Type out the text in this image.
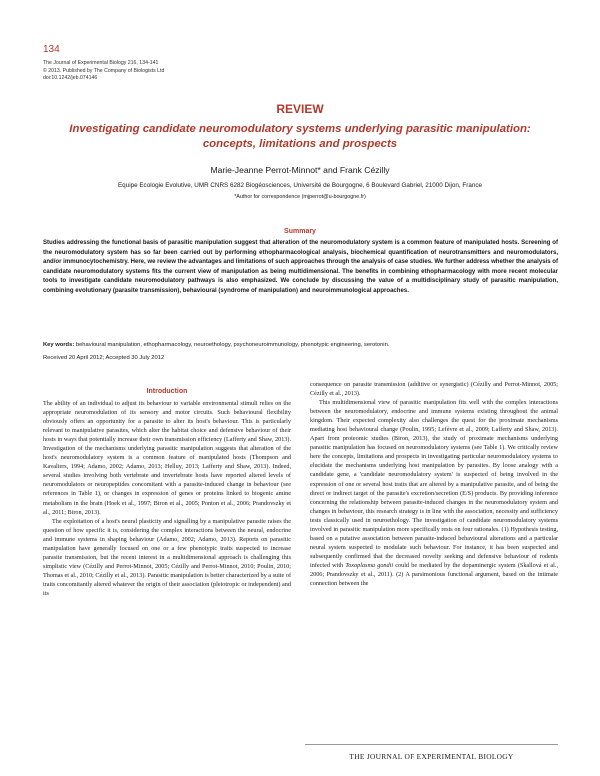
134
The Journal of Experimental Biology 216, 134-141
© 2013. Published by The Company of Biologists Ltd
doi:10.1242/jeb.074146
REVIEW
Investigating candidate neuromodulatory systems underlying parasitic manipulation:
concepts, limitations and prospects
Marie-Jeanne Perrot-Minnot* and Frank Cézilly
Equipe Ecologie Evolutive, UMR CNRS 6282 Biogéosciences, Université de Bourgogne, 6 Boulevard Gabriel, 21000 Dijon, France
*Author for correspondence (mjperrot@u-bourgogne.fr)
Summary
Studies addressing the functional basis of parasitic manipulation suggest that alteration of the neuromodulatory system is a common feature of manipulated hosts. Screening of the neuromodulatory system has so far been carried out by performing ethopharmacological analysis, biochemical quantification of neurotransmitters and neuromodulators, and/or immunocytochemistry. Here, we review the advantages and limitations of such approaches through the analysis of case studies. We further address whether the analysis of candidate neuromodulatory systems fits the current view of manipulation as being multidimensional. The benefits in combining ethopharmacology with more recent molecular tools to investigate candidate neuromodulatory pathways is also emphasized. We conclude by discussing the value of a multidisciplinary study of parasitic manipulation, combining evolutionary (parasite transmission), behavioural (syndrome of manipulation) and neuroimmunological approaches.
Key words: behavioural manipulation, ethopharmacology, neuroethology, psychoneuroimmunology, phenotypic engineering, serotonin.
Received 20 April 2012; Accepted 30 July 2012
Introduction

The ability of an individual to adjust its behaviour to variable environmental stimuli relies on the appropriate neuromodulation of its sensory and motor circuits. Such behavioural flexibility obviously offers an opportunity for a parasite to alter its host's behaviour. This is particularly relevant to manipulative parasites, which alter the habitat choice and defensive behaviour of their hosts in ways that potentially increase their own transmission efficiency (Lafferty and Shaw, 2013). Investigation of the mechanisms underlying parasitic manipulation suggests that alteration of the host's neuromodulatory system is a common feature of manipulated hosts (Thompson and Kavaliers, 1994; Adamo, 2002; Adamo, 2013; Helluy, 2013; Lafferty and Shaw, 2013). Indeed, several studies involving both vertebrate and invertebrate hosts have reported altered levels of neuromodulators or neuropeptides concomitant with a parasite-induced change in behaviour (see references in Table 1), or changes in expression of genes or proteins linked to biogenic amine metabolism in the brain (Hoek et al., 1997; Biron et al., 2005; Ponton et al., 2006; Prandovszky et al., 2011; Biron, 2013).

The exploitation of a host's neural plasticity and signalling by a manipulative parasite raises the question of how specific it is, considering the complex interactions between the neural, endocrine and immune systems in shaping behaviour (Adamo, 2002; Adamo, 2013). Reports on parasitic manipulation have generally focused on one or a few phenotypic traits suspected to increase parasite transmission, but the recent interest in a multidimensional approach is challenging this simplistic view (Cézilly and Perrot-Minnot, 2005; Cézilly and Perrot-Minnot, 2010; Poulin, 2010; Thomas et al., 2010; Cézilly et al., 2013). Parasitic manipulation is better characterized by a suite of traits concomitantly altered whatever the origin of their association (pleiotropic or independent) and its

consequence on parasite transmission (additive or synergistic) (Cézilly and Perrot-Minnot, 2005; Cézilly et al., 2013).

This multidimensional view of parasitic manipulation fits well with the complex interactions between the neuromodulatory, endocrine and immune systems existing throughout the animal kingdom. Their expected complexity also challenges the quest for the proximate mechanisms mediating host behavioural change (Poulin, 1995; Lefèvre et al., 2009; Lafferty and Shaw, 2013). Apart from proteomic studies (Biron, 2013), the study of proximate mechanisms underlying parasitic manipulation has focused on neuromodulatory systems (see Table 1). We critically review here the concepts, limitations and prospects in investigating particular neuromodulatory systems to elucidate the mechanisms underlying host manipulation by parasites. By loose analogy with a candidate gene, a 'candidate neuromodulatory system' is suspected of being involved in the expression of one or several host traits that are altered by a manipulative parasite, and of being the direct or indirect target of the parasite's excretion/secretion (E/S) products. By providing inference concerning the relationship between parasite-induced changes in the neuromodulatory system and changes in behaviour, this research strategy is in line with the association, necessity and sufficiency tests classically used in neuroethology. The investigation of candidate neuromodulatory systems involved in parasitic manipulation more specifically rests on four rationales. (1) Hypothesis testing, based on a putative association between parasite-induced behavioural alterations and a particular neural system suspected to modulate such behaviour. For instance, it has been suspected and subsequently confirmed that the decreased novelty seeking and defensive behaviour of rodents infected with Toxoplasma gondii could be mediated by the dopaminergic system (Skallová et al., 2006; Prandovszky et al., 2011). (2) A parsimonious functional argument, based on the intimate connection between the

THE JOURNAL OF EXPERIMENTAL BIOLOGY
